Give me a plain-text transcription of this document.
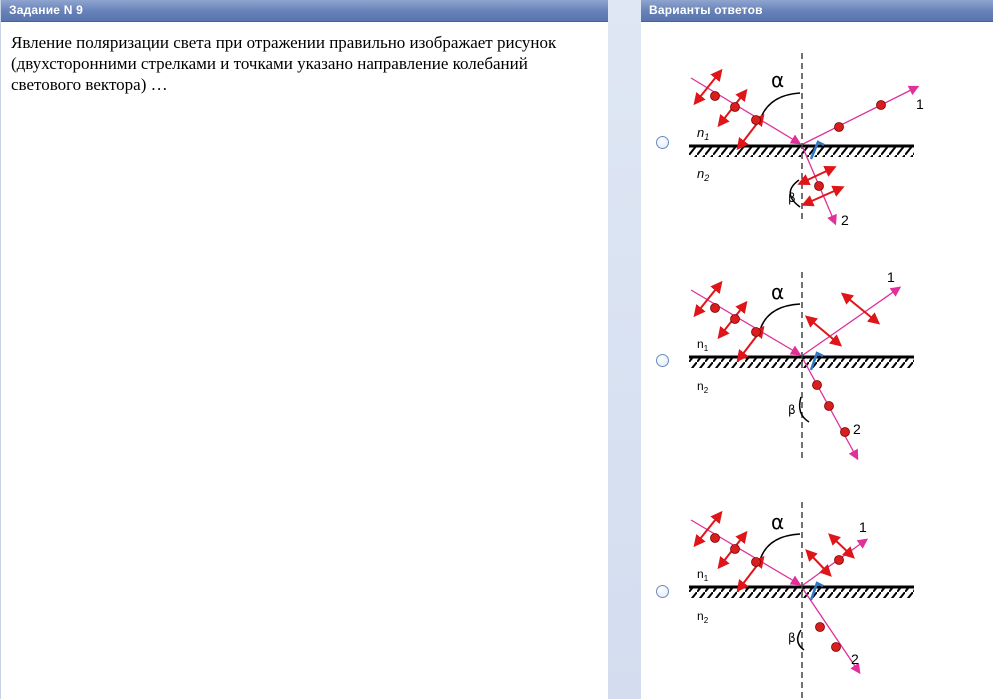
Задание N 9
Явление поляризации света при отражении правильно изображает рисунок (двухсторонними стрелками и точками указано направление колебаний светового вектора) …
Варианты ответов
α
β
$n_1$
$n_2$
1
2
α
β
$n_1$
$n_2$
1
2
α
β
$n_1$
$n_2$
1
2
